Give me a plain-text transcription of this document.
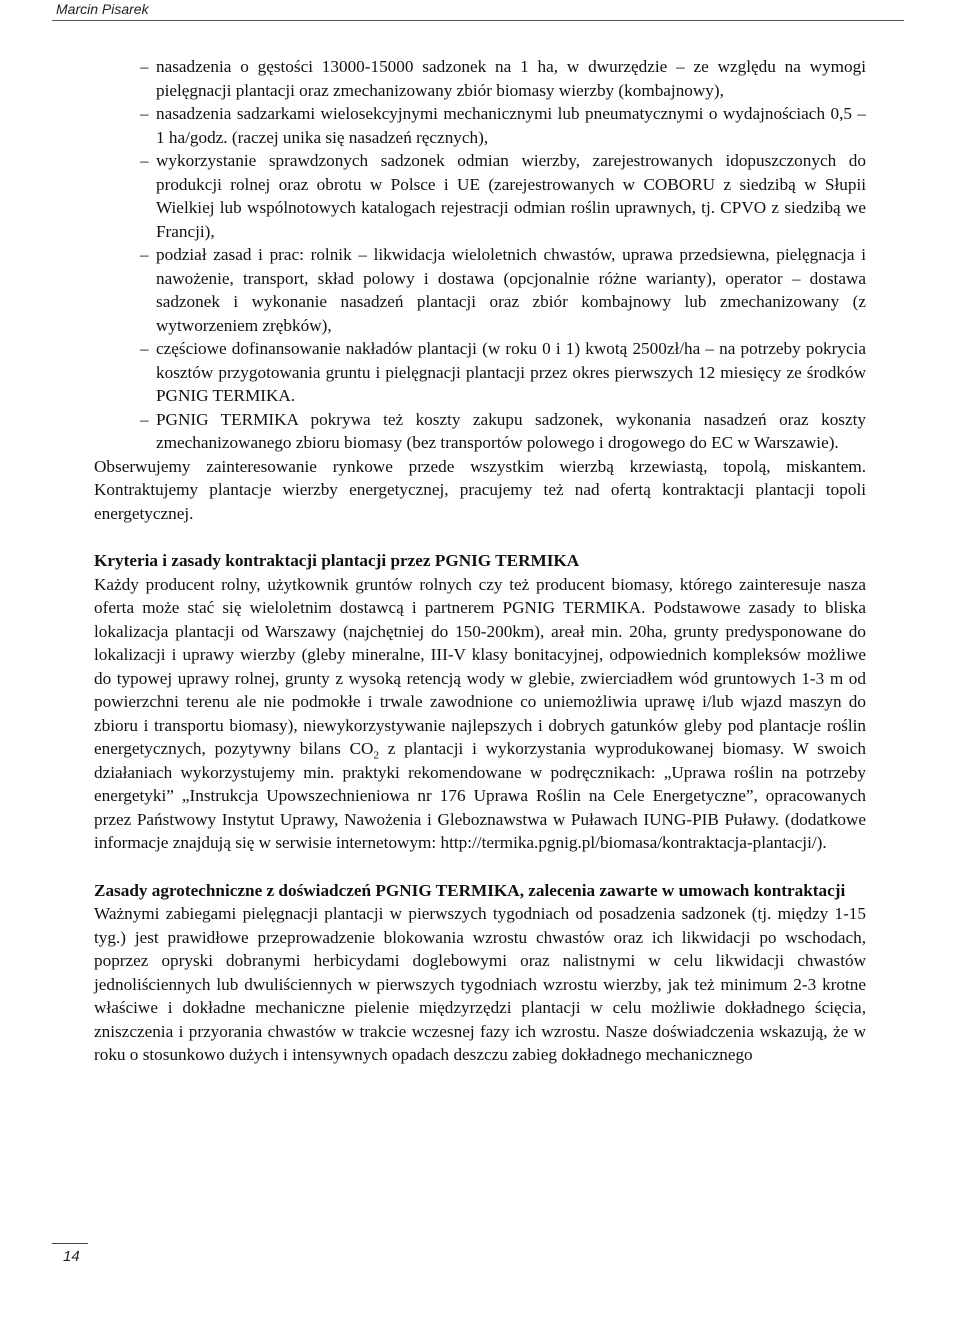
Marcin Pisarek
– nasadzenia o gęstości 13000-15000 sadzonek na 1 ha, w dwurzędzie – ze względu na wymogi pielęgnacji plantacji oraz zmechanizowany zbiór biomasy wierzby (kombajnowy),
– nasadzenia sadzarkami wielosekcyjnymi mechanicznymi lub pneumatycznymi o wydajnościach 0,5 – 1 ha/godz. (raczej unika się nasadzeń ręcznych),
– wykorzystanie sprawdzonych sadzonek odmian wierzby, zarejestrowanych idopuszczonych do produkcji rolnej oraz obrotu w Polsce i UE (zarejestrowanych w COBORU z siedzibą w Słupii Wielkiej lub wspólnotowych katalogach rejestracji odmian roślin uprawnych, tj. CPVO z siedzibą we Francji),
– podział zasad i prac: rolnik – likwidacja wieloletnich chwastów, uprawa przedsiewna, pielęgnacja i nawożenie, transport, skład polowy i dostawa (opcjonalnie różne warianty), operator – dostawa sadzonek i wykonanie nasadzeń plantacji oraz zbiór kombajnowy lub zmechanizowany (z wytworzeniem zrębków),
– częściowe dofinansowanie nakładów plantacji (w roku 0 i 1) kwotą 2500zł/ha – na potrzeby pokrycia kosztów przygotowania gruntu i pielęgnacji plantacji przez okres pierwszych 12 miesięcy ze środków PGNIG TERMIKA.
– PGNIG TERMIKA pokrywa też koszty zakupu sadzonek, wykonania nasadzeń oraz koszty zmechanizowanego zbioru biomasy (bez transportów polowego i drogowego do EC w Warszawie).

Obserwujemy zainteresowanie rynkowe przede wszystkim wierzbą krzewiastą, topolą, miskantem. Kontraktujemy plantacje wierzby energetycznej, pracujemy też nad ofertą kontraktacji plantacji topoli energetycznej.

Kryteria i zasady kontraktacji plantacji przez PGNIG TERMIKA

Każdy producent rolny, użytkownik gruntów rolnych czy też producent biomasy, którego zainteresuje nasza oferta może stać się wieloletnim dostawcą i partnerem PGNIG TERMIKA. Podstawowe zasady to bliska lokalizacja plantacji od Warszawy (najchętniej do 150-200km), areał min. 20ha, grunty predysponowane do lokalizacji i uprawy wierzby (gleby mineralne, III-V klasy bonitacyjnej, odpowiednich kompleksów możliwe do typowej uprawy rolnej, grunty z wysoką retencją wody w glebie, zwierciadłem wód gruntowych 1-3 m od powierzchni terenu ale nie podmokłe i trwale zawodnione co uniemożliwia uprawę i/lub wjazd maszyn do zbioru i transportu biomasy), niewykorzystywanie najlepszych i dobrych gatunków gleby pod plantacje roślin energetycznych, pozytywny bilans $CO_2$ z plantacji i wykorzystania wyprodukowanej biomasy. W swoich działaniach wykorzystujemy min. praktyki rekomendowane w podręcznikach: „Uprawa roślin na potrzeby energetyki” „Instrukcja Upowszechnieniowa nr 176 Uprawa Roślin na Cele Energetyczne”, opracowanych przez Państwowy Instytut Uprawy, Nawożenia i Gleboznawstwa w Puławach IUNG-PIB Puławy. (dodatkowe informacje znajdują się w serwisie internetowym: http://termika.pgnig.pl/biomasa/kontraktacja-plantacji/).

Zasady agrotechniczne z doświadczeń PGNIG TERMIKA, zalecenia zawarte w umowach kontraktacji

Ważnymi zabiegami pielęgnacji plantacji w pierwszych tygodniach od posadzenia sadzonek (tj. między 1-15 tyg.) jest prawidłowe przeprowadzenie blokowania wzrostu chwastów oraz ich likwidacji po wschodach, poprzez opryski dobranymi herbicydami doglebowymi oraz nalistnymi w celu likwidacji chwastów jednoliściennych lub dwuliściennych w pierwszych tygodniach wzrostu wierzby, jak też minimum 2-3 krotne właściwe i dokładne mechaniczne pielenie międzyrzędzi plantacji w celu możliwie dokładnego ścięcia, zniszczenia i przyorania chwastów w trakcie wczesnej fazy ich wzrostu. Nasze doświadczenia wskazują, że w roku o stosunkowo dużych i intensywnych opadach deszczu zabieg dokładnego mechanicznego

14
